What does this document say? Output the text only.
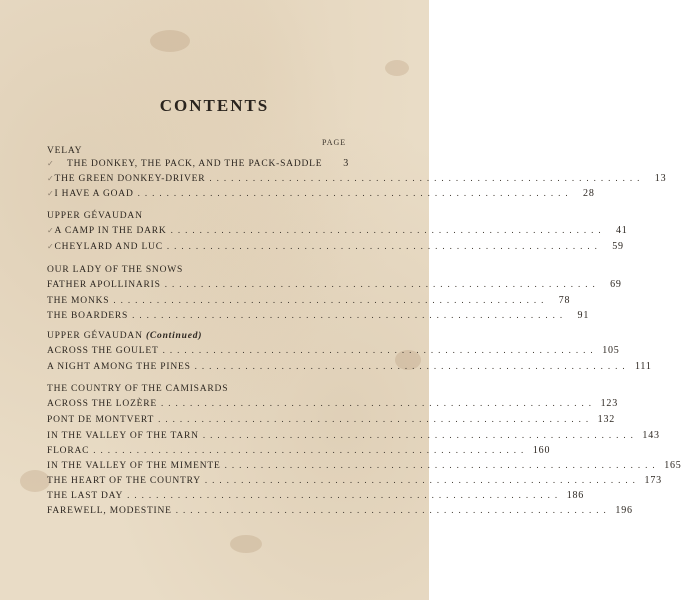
CONTENTS
PAGE
VELAY
✓	THE DONKEY, THE PACK, AND THE PACK-SADDLE	3
✓ THE GREEN DONKEY-DRIVER ............................................................	13
✓ I HAVE A GOAD ............................................................	28
UPPER GÉVAUDAN
✓ A CAMP IN THE DARK ............................................................	41
✓ CHEYLARD AND LUC ............................................................	59
OUR LADY OF THE SNOWS
FATHER APOLLINARIS ............................................................	69
THE MONKS ............................................................	78
THE BOARDERS ............................................................	91
UPPER GÉVAUDAN (Continued)
ACROSS THE GOULET ............................................................ 105
A NIGHT AMONG THE PINES ............................................................ 111
THE COUNTRY OF THE CAMISARDS
ACROSS THE LOZÈRE ............................................................ 123
PONT DE MONTVERT ............................................................ 132
IN THE VALLEY OF THE TARN ............................................................ 143
FLORAC ............................................................ 160
IN THE VALLEY OF THE MIMENTE ............................................................ 165
THE HEART OF THE COUNTRY ............................................................ 173
THE LAST DAY ............................................................ 186
FAREWELL, MODESTINE ............................................................ 196
